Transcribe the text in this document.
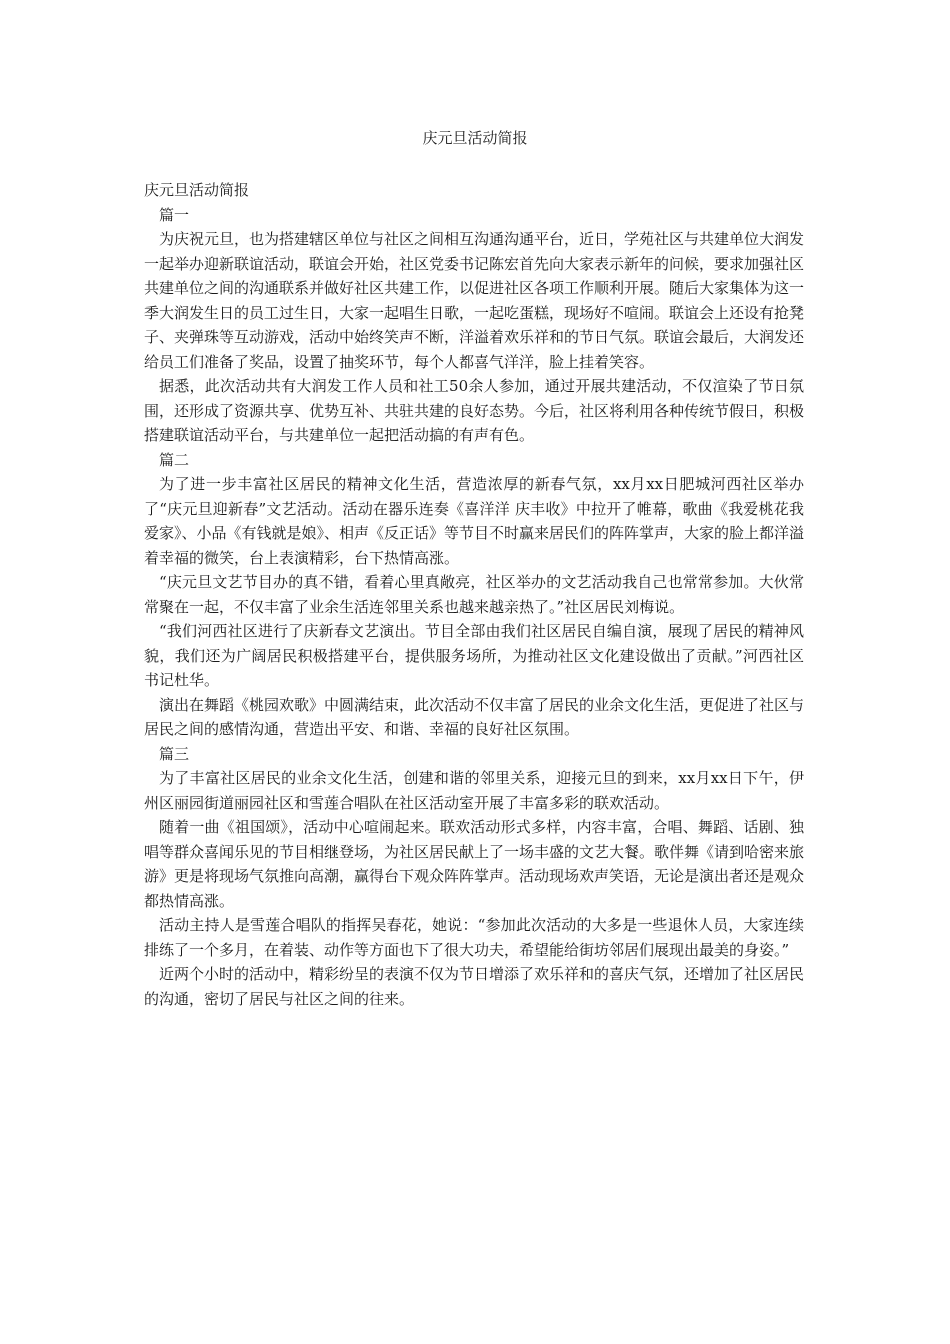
庆元旦活动简报

庆元旦活动简报

篇一

为庆祝元旦，也为搭建辖区单位与社区之间相互沟通沟通平台，近日，学苑社区与共建单位大润发一起举办迎新联谊活动，联谊会开始，社区党委书记陈宏首先向大家表示新年的问候，要求加强社区共建单位之间的沟通联系并做好社区共建工作，以促进社区各项工作顺利开展。随后大家集体为这一季大润发生日的员工过生日，大家一起唱生日歌，一起吃蛋糕，现场好不喧闹。联谊会上还设有抢凳子、夹弹珠等互动游戏，活动中始终笑声不断，洋溢着欢乐祥和的节日气氛。联谊会最后，大润发还给员工们准备了奖品，设置了抽奖环节，每个人都喜气洋洋，脸上挂着笑容。

据悉，此次活动共有大润发工作人员和社工50余人参加，通过开展共建活动，不仅渲染了节日氛围，还形成了资源共享、优势互补、共驻共建的良好态势。今后，社区将利用各种传统节假日，积极搭建联谊活动平台，与共建单位一起把活动搞的有声有色。

篇二

为了进一步丰富社区居民的精神文化生活，营造浓厚的新春气氛，xx月xx日肥城河西社区举办了“庆元旦迎新春”文艺活动。活动在器乐连奏《喜洋洋 庆丰收》中拉开了帷幕，歌曲《我爱桃花我爱家》、小品《有钱就是娘》、相声《反正话》等节目不时赢来居民们的阵阵掌声，大家的脸上都洋溢着幸福的微笑，台上表演精彩，台下热情高涨。

“庆元旦文艺节目办的真不错，看着心里真敞亮，社区举办的文艺活动我自己也常常参加。大伙常常聚在一起，不仅丰富了业余生活连邻里关系也越来越亲热了。”社区居民刘梅说。

“我们河西社区进行了庆新春文艺演出。节目全部由我们社区居民自编自演，展现了居民的精神风貌，我们还为广阔居民积极搭建平台，提供服务场所，为推动社区文化建设做出了贡献。”河西社区书记杜华。

演出在舞蹈《桃园欢歌》中圆满结束，此次活动不仅丰富了居民的业余文化生活，更促进了社区与居民之间的感情沟通，营造出平安、和谐、幸福的良好社区氛围。

篇三

为了丰富社区居民的业余文化生活，创建和谐的邻里关系，迎接元旦的到来，xx月xx日下午，伊州区丽园街道丽园社区和雪莲合唱队在社区活动室开展了丰富多彩的联欢活动。

随着一曲《祖国颂》，活动中心喧闹起来。联欢活动形式多样，内容丰富，合唱、舞蹈、话剧、独唱等群众喜闻乐见的节目相继登场，为社区居民献上了一场丰盛的文艺大餐。歌伴舞《请到哈密来旅游》更是将现场气氛推向高潮，赢得台下观众阵阵掌声。活动现场欢声笑语，无论是演出者还是观众都热情高涨。

活动主持人是雪莲合唱队的指挥吴春花，她说：“参加此次活动的大多是一些退休人员，大家连续排练了一个多月，在着装、动作等方面也下了很大功夫，希望能给街坊邻居们展现出最美的身姿。”

近两个小时的活动中，精彩纷呈的表演不仅为节日增添了欢乐祥和的喜庆气氛，还增加了社区居民的沟通，密切了居民与社区之间的往来。
